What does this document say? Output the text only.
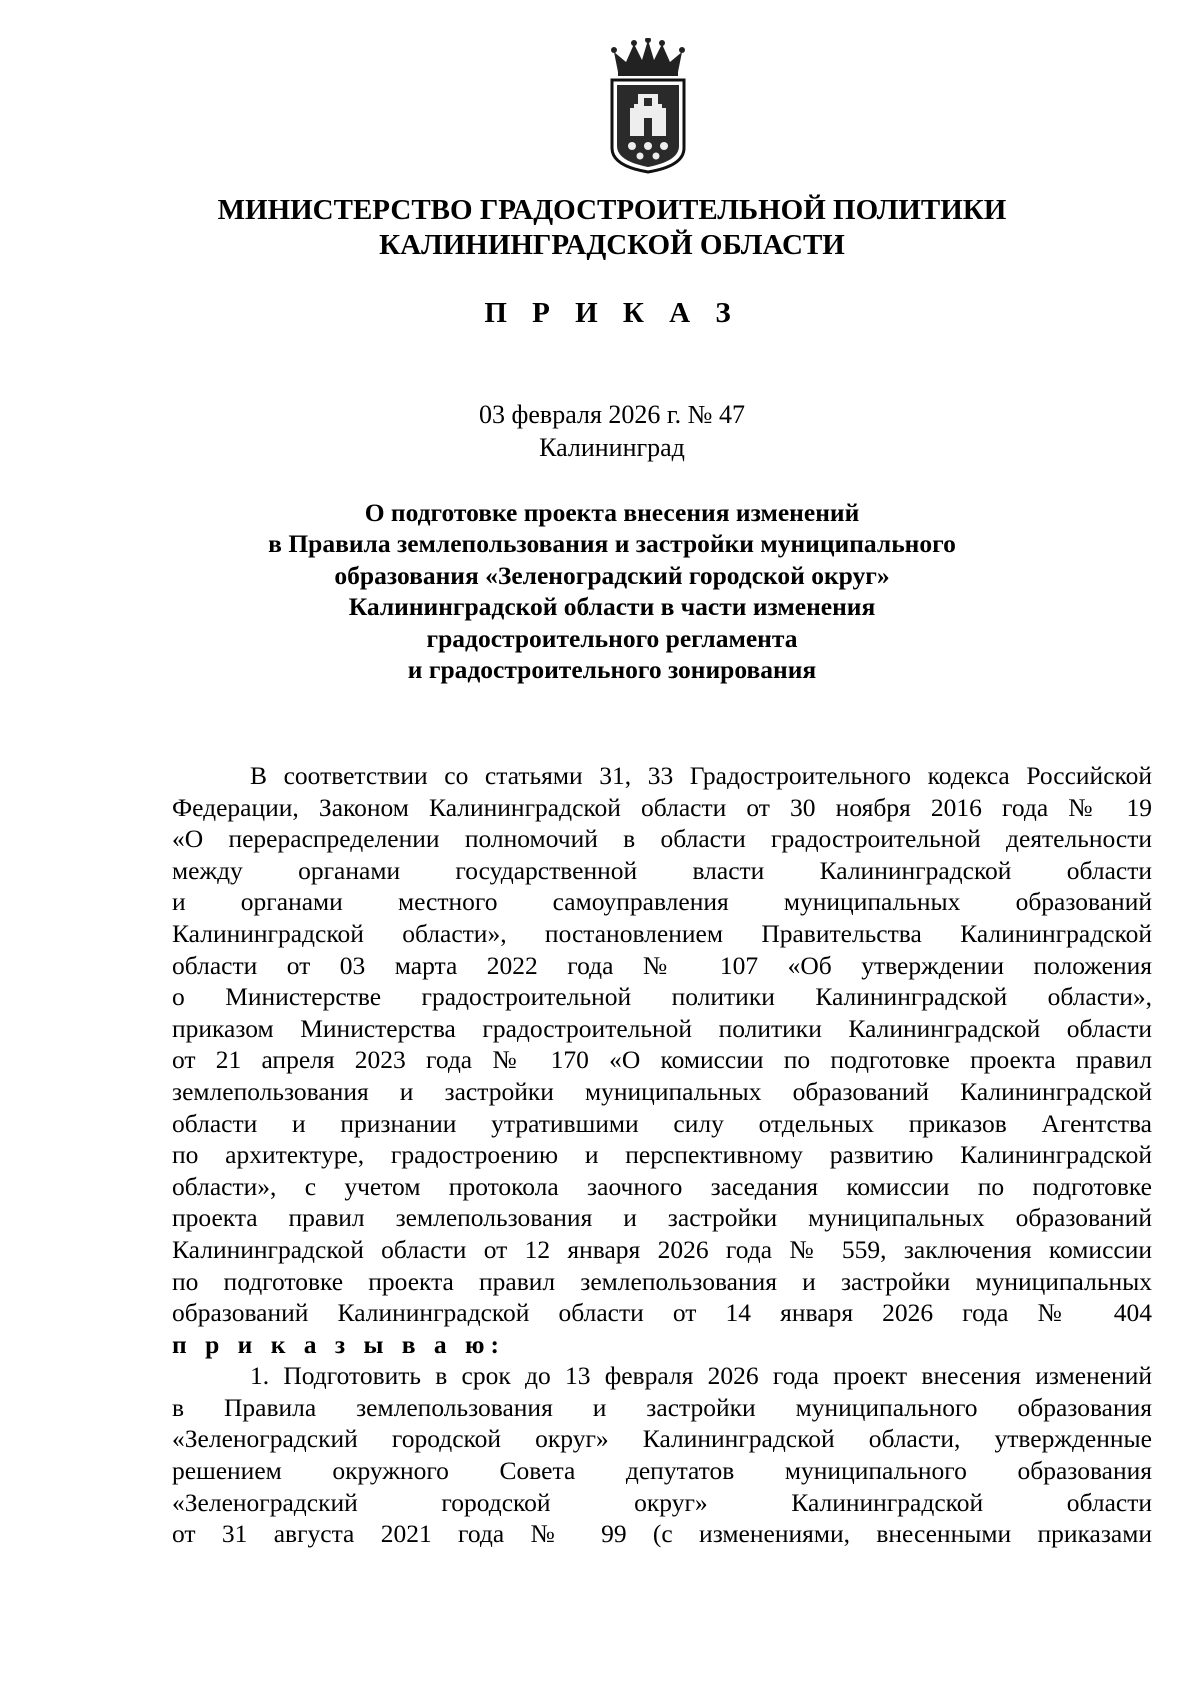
МИНИСТЕРСТВО ГРАДОСТРОИТЕЛЬНОЙ ПОЛИТИКИ
КАЛИНИНГРАДСКОЙ ОБЛАСТИ
П Р И К А З
03 февраля 2026 г. № 47
Калининград
О подготовке проекта внесения изменений
в Правила землепользования и застройки муниципального
образования «Зеленоградский городской округ»
Калининградской области в части изменения
градостроительного регламента
и градостроительного зонирования
В соответствии со статьями 31, 33 Градостроительного кодекса Российской
Федерации, Законом Калининградской области от 30 ноября 2016 года № 19
«О перераспределении полномочий в области градостроительной деятельности
между органами государственной власти Калининградской области
и органами местного самоуправления муниципальных образований
Калининградской области», постановлением Правительства Калининградской
области от 03 марта 2022 года № 107 «Об утверждении положения
о Министерстве градостроительной политики Калининградской области»,
приказом Министерства градостроительной политики Калининградской области
от 21 апреля 2023 года № 170 «О комиссии по подготовке проекта правил
землепользования и застройки муниципальных образований Калининградской
области и признании утратившими силу отдельных приказов Агентства
по архитектуре, градостроению и перспективному развитию Калининградской
области», с учетом протокола заочного заседания комиссии по подготовке
проекта правил землепользования и застройки муниципальных образований
Калининградской области от 12 января 2026 года № 559, заключения комиссии
по подготовке проекта правил землепользования и застройки муниципальных
образований Калининградской области от 14 января 2026 года № 404
п р и к а з ы в а ю:
1. Подготовить в срок до 13 февраля 2026 года проект внесения изменений
в Правила землепользования и застройки муниципального образования
«Зеленоградский городской округ» Калининградской области, утвержденные
решением окружного Совета депутатов муниципального образования
«Зеленоградский городской округ» Калининградской области
от 31 августа 2021 года № 99 (с изменениями, внесенными приказами
